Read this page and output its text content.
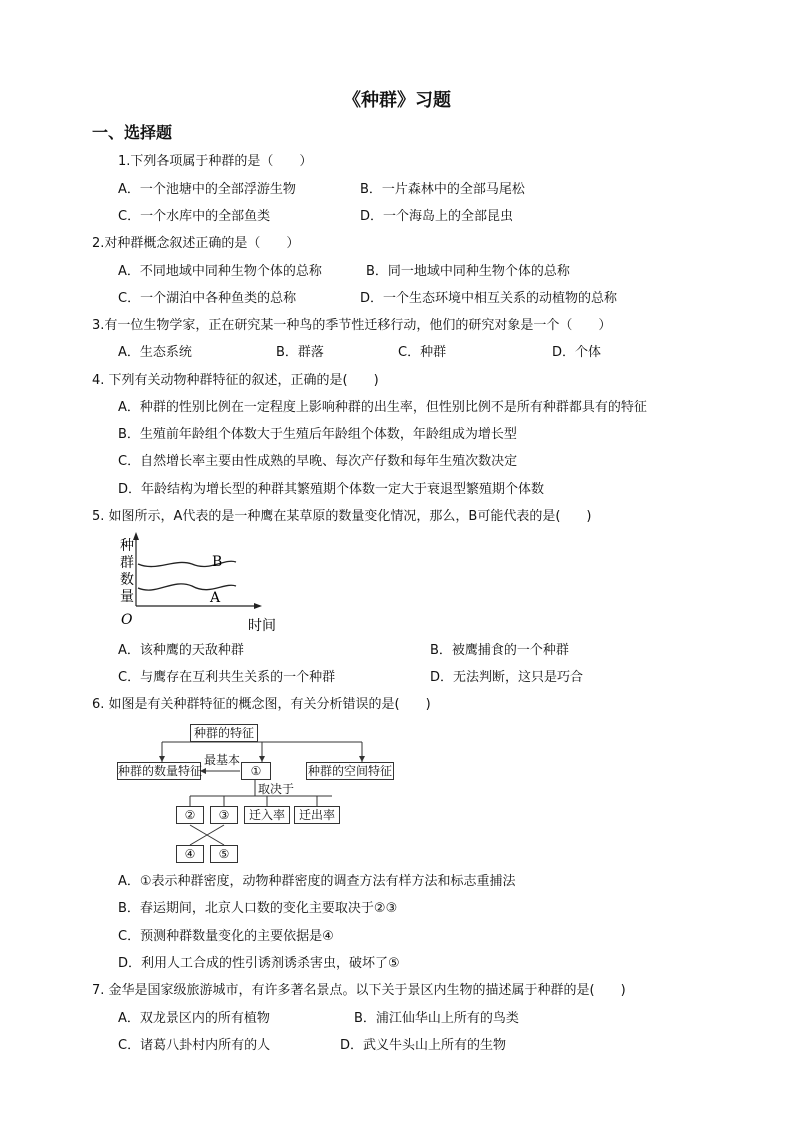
《种群》习题
一、选择题
1.下列各项属于种群的是（　　）
A．一个池塘中的全部浮游生物	B．一片森林中的全部马尾松
C．一个水库中的全部鱼类	D．一个海岛上的全部昆虫
2.对种群概念叙述正确的是（　　）
A．不同地域中同种生物个体的总称	B．同一地域中同种生物个体的总称
C．一个湖泊中各种鱼类的总称	D．一个生态环境中相互关系的动植物的总称
3.有一位生物学家，正在研究某一种鸟的季节性迁移行动，他们的研究对象是一个（　　）
A．生态系统	B．群落	C．种群	D．个体
4. 下列有关动物种群特征的叙述，正确的是(　　)
A．种群的性别比例在一定程度上影响种群的出生率，但性别比例不是所有种群都具有的特征
B．生殖前年龄组个体数大于生殖后年龄组个体数，年龄组成为增长型
C．自然增长率主要由性成熟的早晚、每次产仔数和每年生殖次数决定
D．年龄结构为增长型的种群其繁殖期个体数一定大于衰退型繁殖期个体数
5. 如图所示，A代表的是一种鹰在某草原的数量变化情况，那么，B可能代表的是(　　)
种
群
数
量
O	时间
B
A
A．该种鹰的天敌种群	B．被鹰捕食的一个种群
C．与鹰存在互利共生关系的一个种群	D．无法判断，这只是巧合
6. 如图是有关种群特征的概念图，有关分析错误的是(　　)
种群的特征
种群的数量特征	种群的空间特征
①
最基本
取决于
②	③	迁入率	迁出率
④	⑤
A．①表示种群密度，动物种群密度的调查方法有样方法和标志重捕法
B．春运期间，北京人口数的变化主要取决于②③
C．预测种群数量变化的主要依据是④
D．利用人工合成的性引诱剂诱杀害虫，破坏了⑤
7. 金华是国家级旅游城市，有许多著名景点。以下关于景区内生物的描述属于种群的是(　　)
A．双龙景区内的所有植物	B．浦江仙华山上所有的鸟类
C．诸葛八卦村内所有的人	D．武义牛头山上所有的生物
